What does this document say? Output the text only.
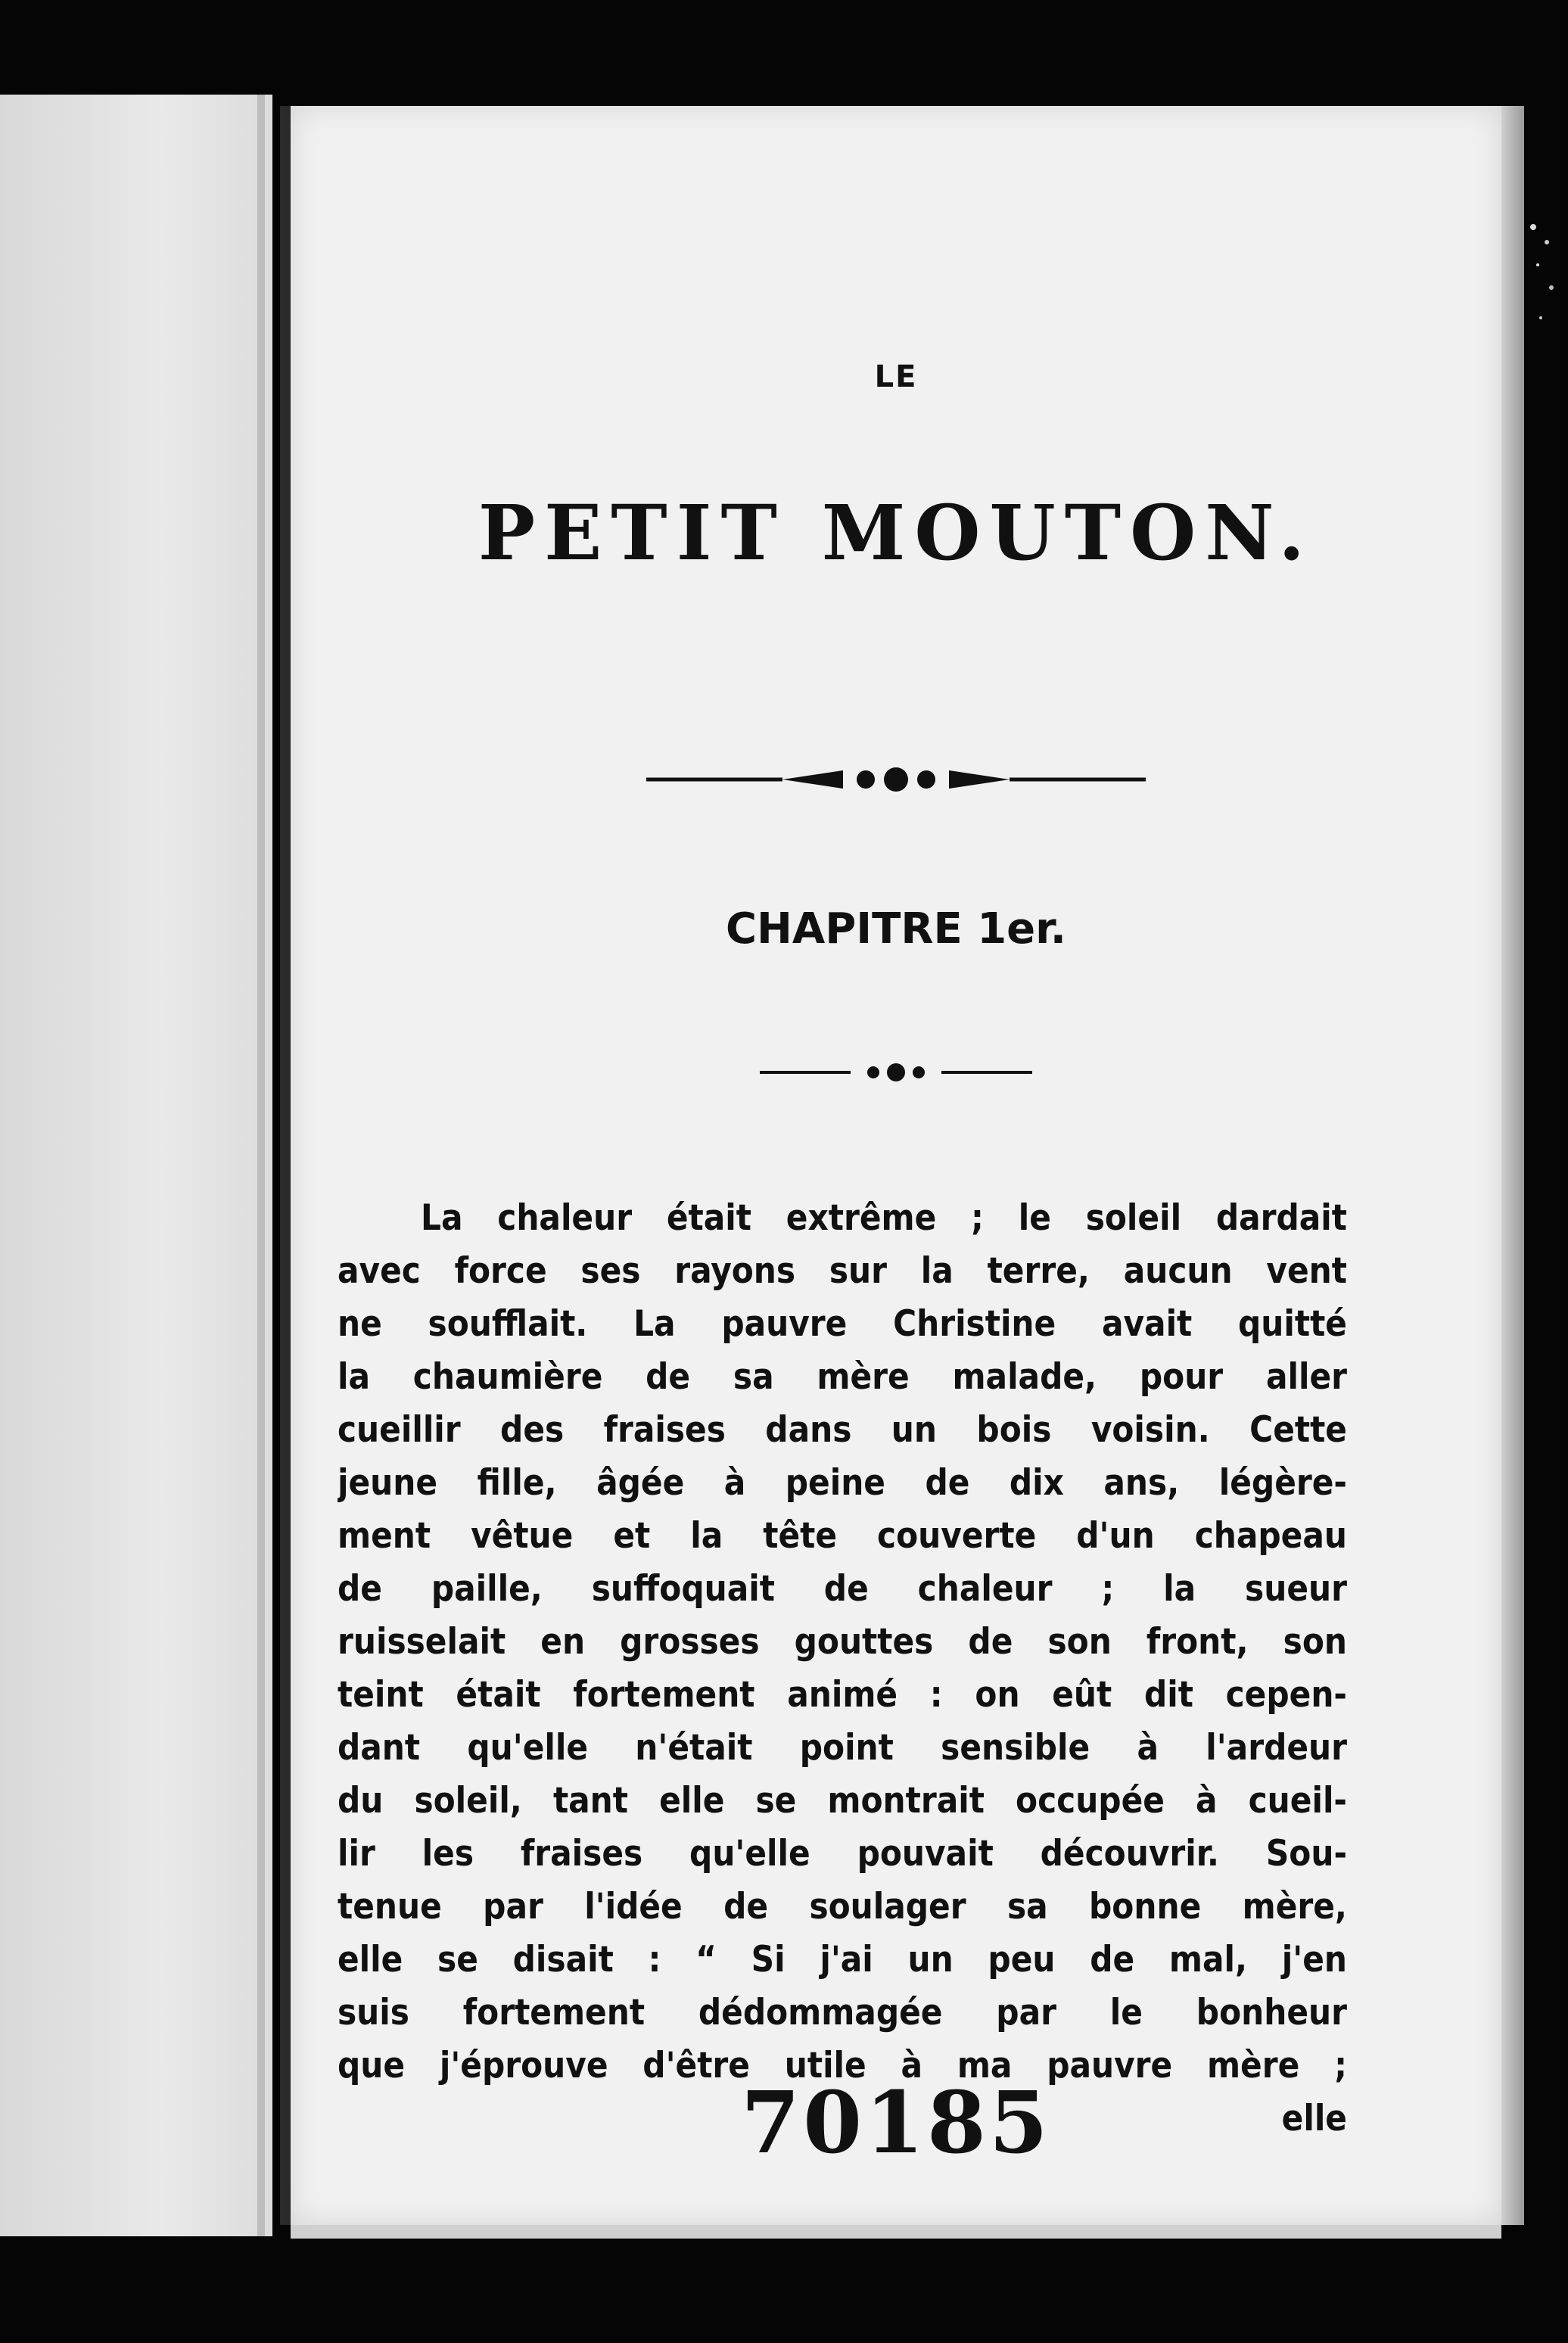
LE
PETIT MOUTON.
CHAPITRE 1er.
La chaleur était extrême ; le soleil dardait
avec force ses rayons sur la terre, aucun vent
ne soufflait. La pauvre Christine avait quitté
la chaumière de sa mère malade, pour aller
cueillir des fraises dans un bois voisin. Cette
jeune fille, âgée à peine de dix ans, légère-
ment vêtue et la tête couverte d'un chapeau
de paille, suffoquait de chaleur ; la sueur
ruisselait en grosses gouttes de son front, son
teint était fortement animé : on eût dit cepen-
dant qu'elle n'était point sensible à l'ardeur
du soleil, tant elle se montrait occupée à cueil-
lir les fraises qu'elle pouvait découvrir. Sou-
tenue par l'idée de soulager sa bonne mère,
elle se disait : “ Si j'ai un peu de mal, j'en
suis fortement dédommagée par le bonheur
que j'éprouve d'être utile à ma pauvre mère ;
elle
70185
